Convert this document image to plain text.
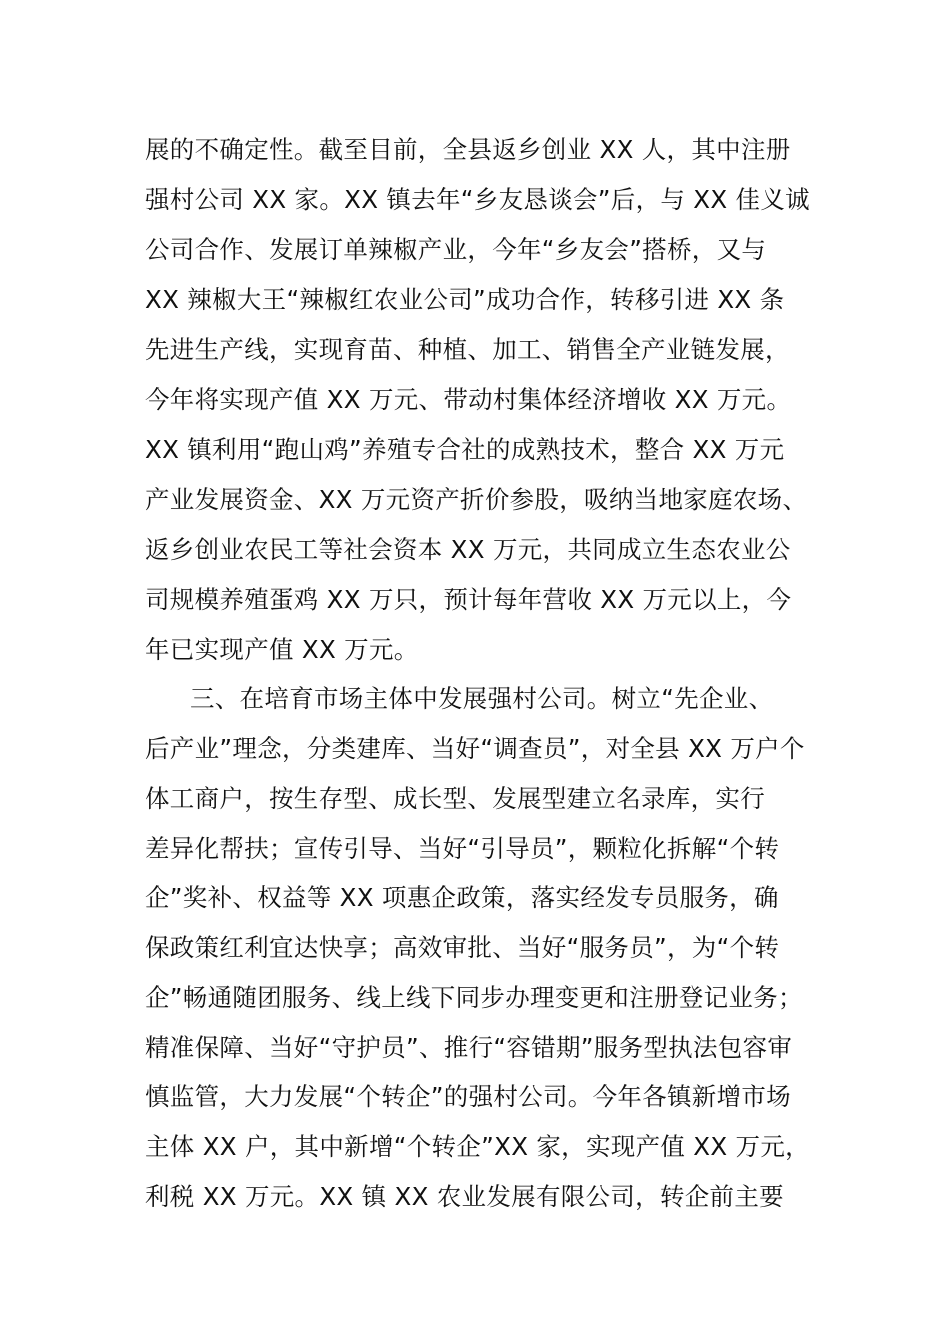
展的不确定性。截至目前，全县返乡创业 XX 人，其中注册
强村公司 XX 家。XX 镇去年“乡友恳谈会”后，与 XX 佳义诚
公司合作、发展订单辣椒产业，今年“乡友会”搭桥，又与
XX 辣椒大王“辣椒红农业公司”成功合作，转移引进 XX 条
先进生产线，实现育苗、种植、加工、销售全产业链发展，
今年将实现产值 XX 万元、带动村集体经济增收 XX 万元。
XX 镇利用“跑山鸡”养殖专合社的成熟技术，整合 XX 万元
产业发展资金、XX 万元资产折价参股，吸纳当地家庭农场、
返乡创业农民工等社会资本 XX 万元，共同成立生态农业公
司规模养殖蛋鸡 XX 万只，预计每年营收 XX 万元以上，今
年已实现产值 XX 万元。
三、在培育市场主体中发展强村公司。树立“先企业、
后产业”理念，分类建库、当好“调查员”，对全县 XX 万户个
体工商户，按生存型、成长型、发展型建立名录库，实行
差异化帮扶；宣传引导、当好“引导员”，颗粒化拆解“个转
企”奖补、权益等 XX 项惠企政策，落实经发专员服务，确
保政策红利宜达快享；高效审批、当好“服务员”，为“个转
企”畅通随团服务、线上线下同步办理变更和注册登记业务；
精准保障、当好“守护员”、推行“容错期”服务型执法包容审
慎监管，大力发展“个转企”的强村公司。今年各镇新增市场
主体 XX 户，其中新增“个转企”XX 家，实现产值 XX 万元，
利税 XX 万元。XX 镇 XX 农业发展有限公司，转企前主要
